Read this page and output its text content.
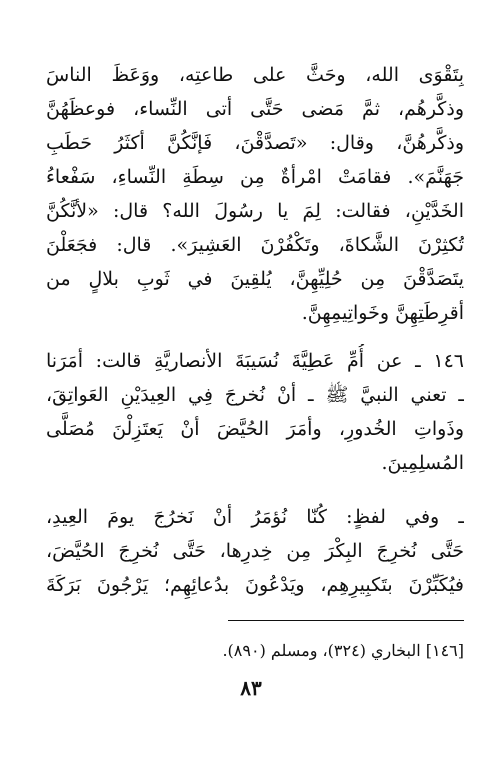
بِتَقْوَى الله، وحَثَّ على طاعتِه، ووَعَظَ الناسَ
وذكَّرهُم، ثمَّ مَضى حَتَّى أتى النِّساء، فوعظَهُنَّ
وذكَّرهُنَّ، وقال: «تَصدَّقْنَ، فَإنَّكُنَّ أكثَرُ حَطَبِ
جَهَنَّمَ». فقامَتْ امْرأةٌ مِن سِطَةِ النِّساءِ، سَفْعاءُ
الخَدَّيْنِ، فقالت: لِمَ يا رسُولَ الله؟ قال: «لأنَّكُنَّ
تُكثِرْنَ الشَّكاةَ، وتَكْفُرْنَ العَشِيرَ». قال: فجَعَلْنَ
يتَصَدَّقْنَ مِن حُلِيِّهِنَّ، يُلقِينَ في ثَوبِ بلالٍ من
أقرِطَتِهِنَّ وخَواتِيمِهِنَّ.
١٤٦ ـ عن أُمِّ عَطِيَّةَ نُسَيبَةَ الأنصاريَّةِ قالت: أمَرَنا
ـ تعني النبيَّ ﷺ ـ أنْ نُخرجَ فِي العِيدَيْنِ العَواتِقَ،
وذَواتِ الخُدورِ، وأمَرَ الحُيَّضَ أنْ يَعتَزِلْنَ مُصَلَّى
المُسلِمِينَ.
ـ وفي لفظٍ: كُنّا نُؤمَرُ أنْ نَخرُجَ يومَ العِيدِ،
حَتَّى نُخرِجَ البِكْرَ مِن خِدرِها، حَتَّى نُخرِجَ الحُيَّضَ،
فيُكَبِّرْنَ بتَكبِيرِهِم، ويَدْعُونَ بدُعائِهِم؛ يَرْجُونَ بَرَكَةَ
[١٤٦] البخاري (٣٢٤)، ومسلم (٨٩٠).
٨٣
